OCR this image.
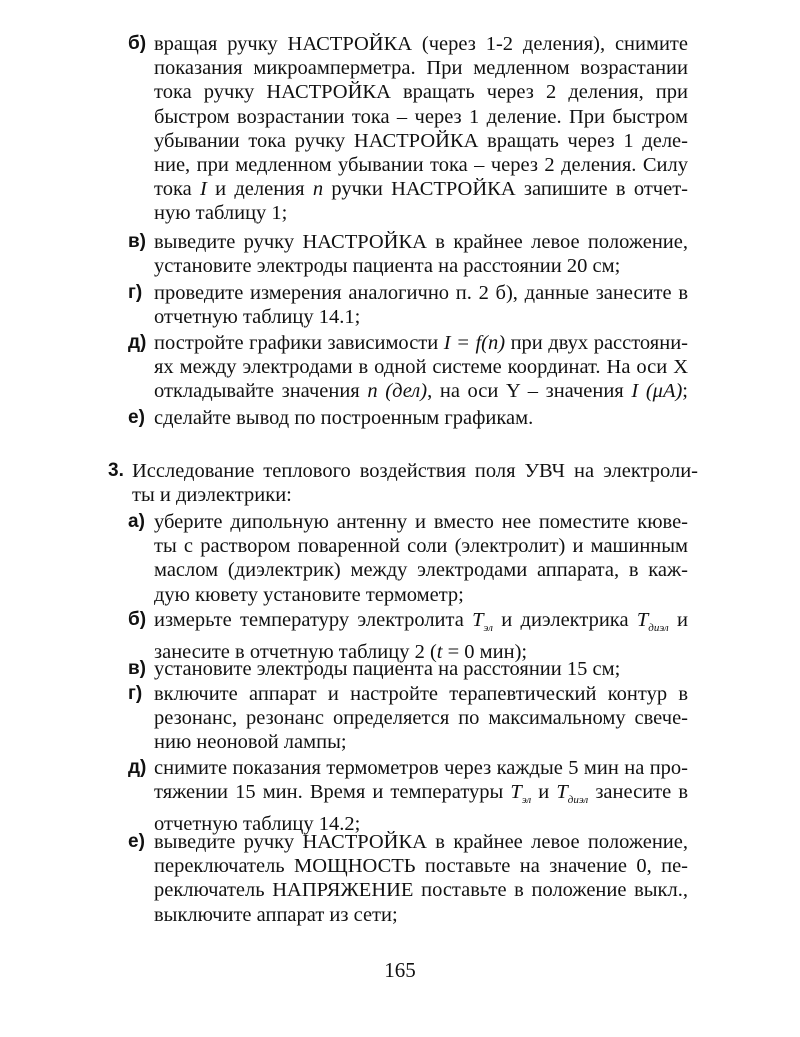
б) вращая ручку НАСТРОЙКА (через 1-2 деления), снимите
показания микроамперметра. При медленном возрастании
тока ручку НАСТРОЙКА вращать через 2 деления, при
быстром возрастании тока – через 1 деление. При быстром
убывании тока ручку НАСТРОЙКА вращать через 1 деле-
ние, при медленном убывании тока – через 2 деления. Силу
тока I и деления n ручки НАСТРОЙКА запишите в отчет-
ную таблицу 1;
в) выведите ручку НАСТРОЙКА в крайнее левое положение,
установите электроды пациента на расстоянии 20 см;
г) проведите измерения аналогично п. 2 б), данные занесите в
отчетную таблицу 14.1;
д) постройте графики зависимости I = f(n) при двух расстояни-
ях между электродами в одной системе координат. На оси X
откладывайте значения n (дел), на оси Y – значения I (μA);
е) сделайте вывод по построенным графикам.
3. Исследование теплового воздействия поля УВЧ на электроли-
ты и диэлектрики:
а) уберите дипольную антенну и вместо нее поместите кюве-
ты с раствором поваренной соли (электролит) и машинным
маслом (диэлектрик) между электродами аппарата, в каж-
дую кювету установите термометр;
б) измерьте температуру электролита $T_{эл}$ и диэлектрика $T_{диэл}$ и
занесите в отчетную таблицу 2 (t = 0 мин);
в) установите электроды пациента на расстоянии 15 см;
г) включите аппарат и настройте терапевтический контур в
резонанс, резонанс определяется по максимальному свече-
нию неоновой лампы;
д) снимите показания термометров через каждые 5 мин на про-
тяжении 15 мин. Время и температуры $T_{эл}$ и $T_{диэл}$ занесите в
отчетную таблицу 14.2;
е) выведите ручку НАСТРОЙКА в крайнее левое положение,
переключатель МОЩНОСТЬ поставьте на значение 0, пе-
реключатель НАПРЯЖЕНИЕ поставьте в положение выкл.,
выключите аппарат из сети;
165
